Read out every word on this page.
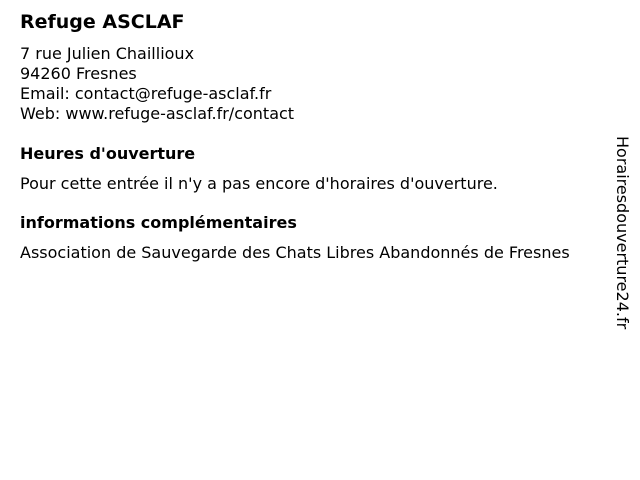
Refuge ASCLAF

7 rue Julien Chaillioux

94260 Fresnes

Email: contact@refuge-asclaf.fr

Web: www.refuge-asclaf.fr/contact

Heures d'ouverture

Pour cette entrée il n'y a pas encore d'horaires d'ouverture.

informations complémentaires

Association de Sauvegarde des Chats Libres Abandonnés de Fresnes	Horairesdouverture24.fr
